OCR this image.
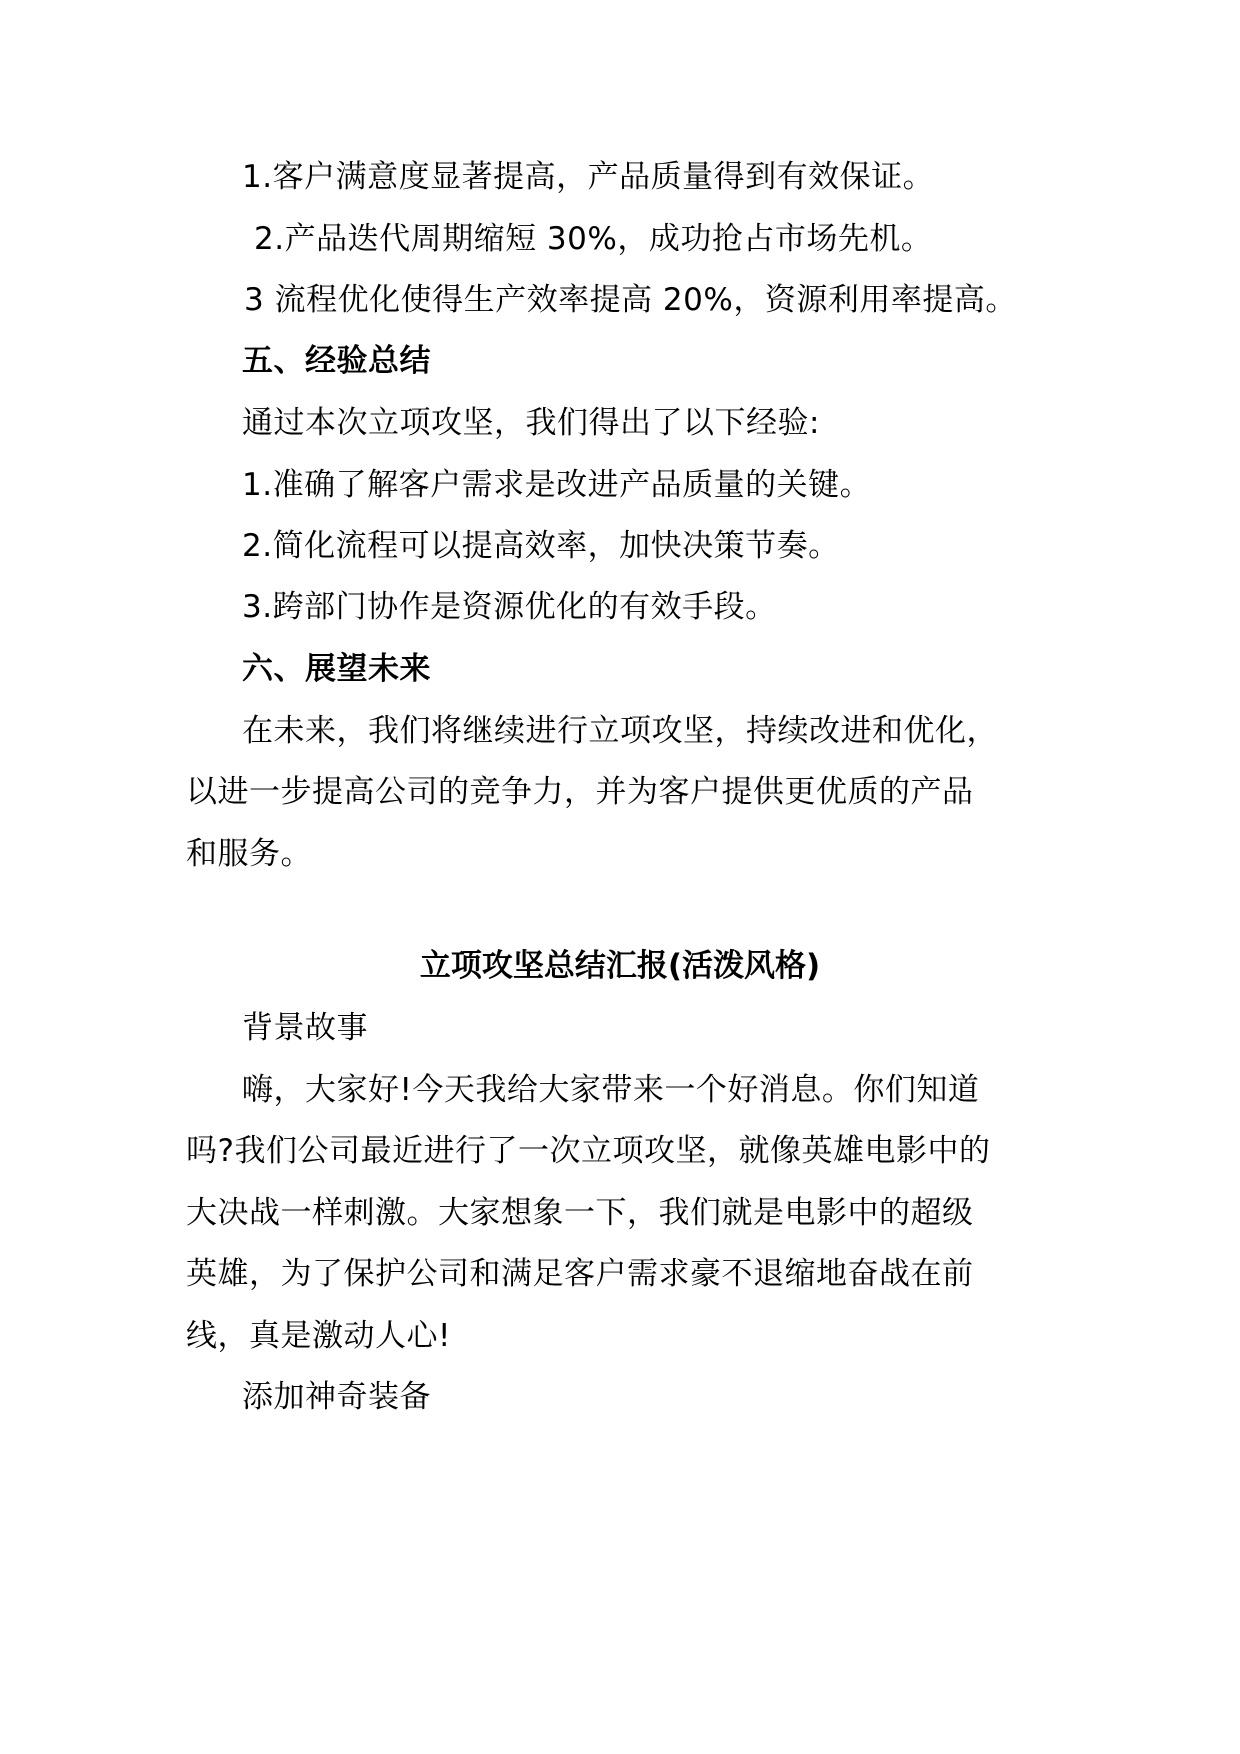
1.客户满意度显著提高，产品质量得到有效保证。

2.产品迭代周期缩短 30%，成功抢占市场先机。

3 流程优化使得生产效率提高 20%，资源利用率提高。

五、经验总结

通过本次立项攻坚，我们得出了以下经验:

1.准确了解客户需求是改进产品质量的关键。

2.简化流程可以提高效率，加快决策节奏。

3.跨部门协作是资源优化的有效手段。

六、展望未来

在未来，我们将继续进行立项攻坚，持续改进和优化，

以进一步提高公司的竞争力，并为客户提供更优质的产品

和服务。

立项攻坚总结汇报(活泼风格)

背景故事

嗨，大家好!今天我给大家带来一个好消息。你们知道

吗?我们公司最近进行了一次立项攻坚，就像英雄电影中的

大决战一样刺激。大家想象一下，我们就是电影中的超级

英雄，为了保护公司和满足客户需求豪不退缩地奋战在前

线，真是激动人心!

添加神奇装备
